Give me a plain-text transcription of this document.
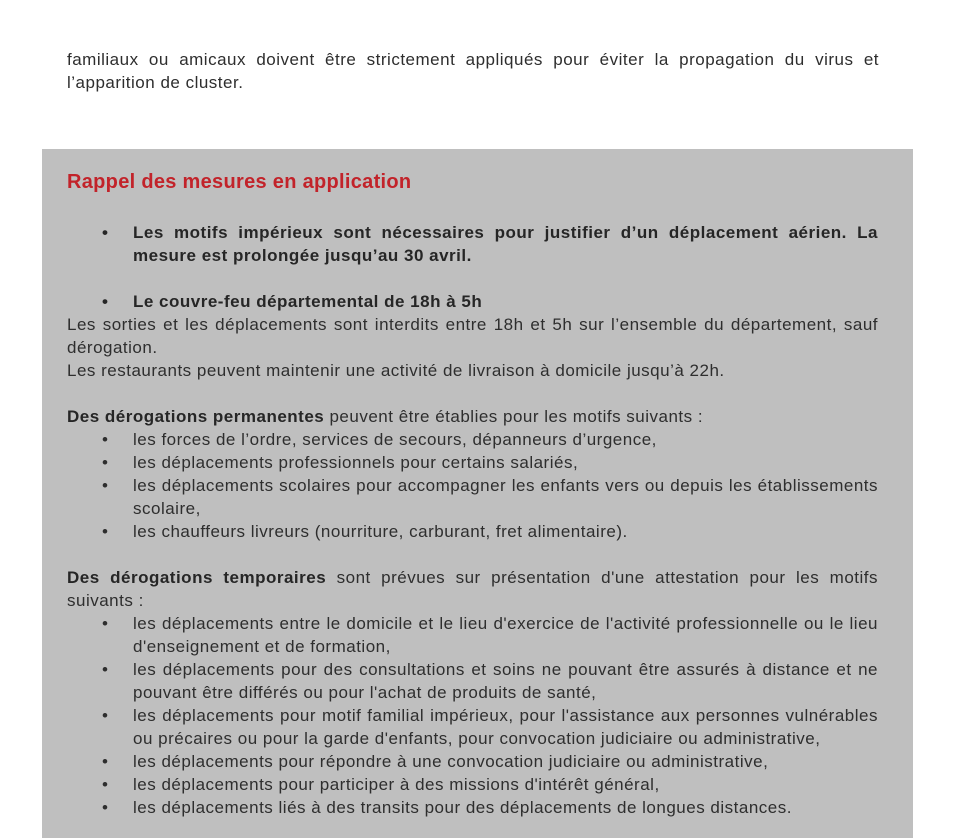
familiaux ou amicaux doivent être strictement appliqués pour éviter la propagation du virus et l’apparition de cluster.

Rappel des mesures en application
•	Les motifs impérieux sont nécessaires pour justifier d’un déplacement aérien. La mesure est prolongée jusqu’au 30 avril.
•	Le couvre-feu départemental de 18h à 5h

Les sorties et les déplacements sont interdits entre 18h et 5h sur l’ensemble du département, sauf dérogation.

Les restaurants peuvent maintenir une activité de livraison à domicile jusqu’à 22h.

Des dérogations permanentes peuvent être établies pour les motifs suivants :

•	les forces de l’ordre, services de secours, dépanneurs d’urgence,
•	les déplacements professionnels pour certains salariés,
•	les déplacements scolaires pour accompagner les enfants vers ou depuis les établissements scolaire,
•	les chauffeurs livreurs (nourriture, carburant, fret alimentaire).

Des dérogations temporaires sont prévues sur présentation d'une attestation pour les motifs suivants :

•	les déplacements entre le domicile et le lieu d'exercice de l'activité professionnelle ou le lieu d'enseignement et de formation,
•	les déplacements pour des consultations et soins ne pouvant être assurés à distance et ne pouvant être différés ou pour l'achat de produits de santé,
•	les déplacements pour motif familial impérieux, pour l'assistance aux personnes vulnérables ou précaires ou pour la garde d'enfants, pour convocation judiciaire ou administrative,
•	les déplacements pour répondre à une convocation judiciaire ou administrative,
•	les déplacements pour participer à des missions d'intérêt général,
•	les déplacements liés à des transits pour des déplacements de longues distances.
